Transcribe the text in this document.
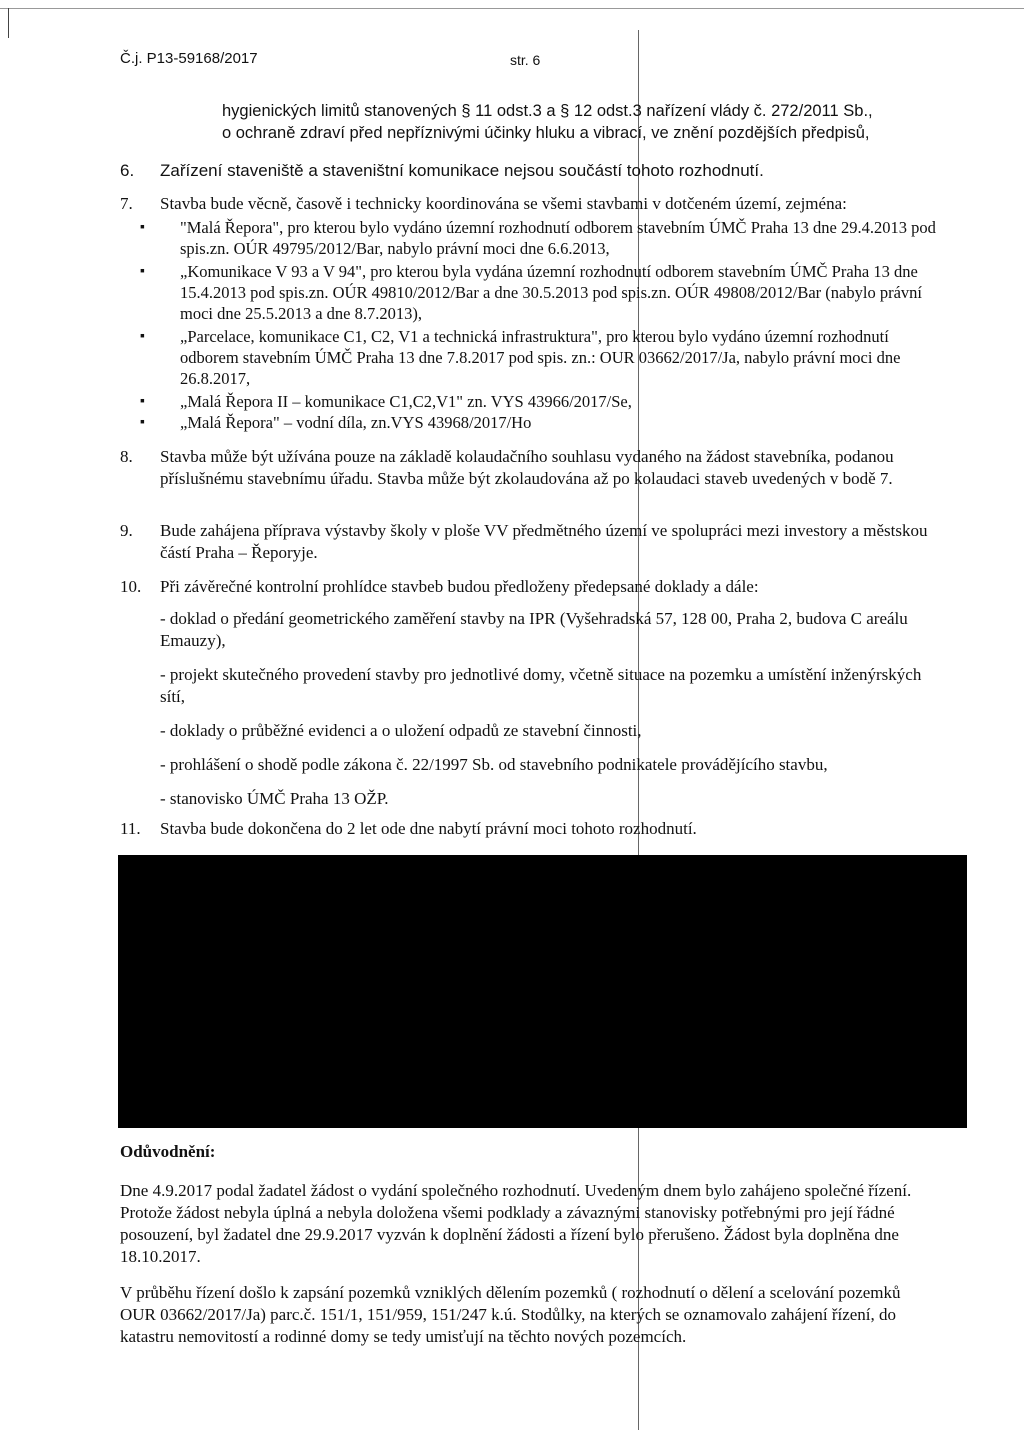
Č.j. P13-59168/2017	str. 6

hygienických limitů stanovených § 11 odst.3 a § 12 odst.3 nařízení vlády č. 272/2011 Sb.,

o ochraně zdraví před nepříznivými účinky hluku a vibrací, ve znění pozdějších předpisů,

6. Zařízení staveniště a staveništní komunikace nejsou součástí tohoto rozhodnutí.
7. Stavba bude věcně, časově i technicky koordinována se všemi stavbami v dotčeném území, zejména:
▪ "Malá Řepora", pro kterou bylo vydáno územní rozhodnutí odborem stavebním ÚMČ Praha 13 dne 29.4.2013 pod spis.zn. OÚR 49795/2012/Bar, nabylo právní moci dne 6.6.2013,
▪ „Komunikace V 93 a V 94", pro kterou byla vydána územní rozhodnutí odborem stavebním ÚMČ Praha 13 dne 15.4.2013 pod spis.zn. OÚR 49810/2012/Bar a dne 30.5.2013 pod spis.zn. OÚR 49808/2012/Bar (nabylo právní moci dne 25.5.2013 a dne 8.7.2013),
▪ „Parcelace, komunikace C1, C2, V1 a technická infrastruktura", pro kterou bylo vydáno územní rozhodnutí odborem stavebním ÚMČ Praha 13 dne 7.8.2017 pod spis. zn.: OUR 03662/2017/Ja, nabylo právní moci dne 26.8.2017,
▪ „Malá Řepora II – komunikace C1,C2,V1" zn. VYS 43966/2017/Se,
▪ „Malá Řepora" – vodní díla, zn.VYS 43968/2017/Ho
8. Stavba může být užívána pouze na základě kolaudačního souhlasu vydaného na žádost stavebníka, podanou příslušnému stavebnímu úřadu. Stavba může být zkolaudována až po kolaudaci staveb uvedených v bodě 7.
9. Bude zahájena příprava výstavby školy v ploše VV předmětného území ve spolupráci mezi investory a městskou částí Praha – Řeporyje.
10. Při závěrečné kontrolní prohlídce stavbeb budou předloženy předepsané doklady a dále:

- doklad o předání geometrického zaměření stavby na IPR (Vyšehradská 57, 128 00, Praha 2, budova C areálu Emauzy),

- projekt skutečného provedení stavby pro jednotlivé domy, včetně situace na pozemku a umístění inženýrských sítí,

- doklady o průběžné evidenci a o uložení odpadů ze stavební činnosti,

- prohlášení o shodě podle zákona č. 22/1997 Sb. od stavebního podnikatele provádějícího stavbu,

- stanovisko ÚMČ Praha 13 OŽP.

11. Stavba bude dokončena do 2 let ode dne nabytí právní moci tohoto rozhodnutí.
Odůvodnění:

Dne 4.9.2017 podal žadatel žádost o vydání společného rozhodnutí. Uvedeným dnem bylo zahájeno společné řízení. Protože žádost nebyla úplná a nebyla doložena všemi podklady a závaznými stanovisky potřebnými pro její řádné posouzení, byl žadatel dne 29.9.2017 vyzván k doplnění žádosti a řízení bylo přerušeno. Žádost byla doplněna dne 18.10.2017.

V průběhu řízení došlo k zapsání pozemků vzniklých dělením pozemků ( rozhodnutí o dělení a scelování pozemků OUR 03662/2017/Ja) parc.č. 151/1, 151/959, 151/247 k.ú. Stodůlky, na kterých se oznamovalo zahájení řízení, do katastru nemovitostí a rodinné domy se tedy umisťují na těchto nových pozemcích.
